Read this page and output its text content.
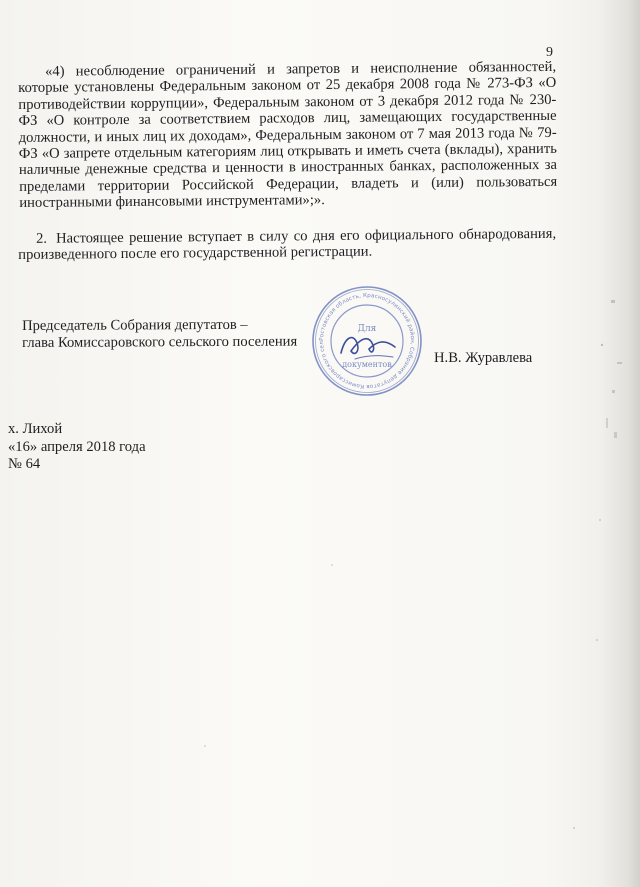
9

«4) несоблюдение ограничений и запретов и неисполнение обязанностей, которые установлены Федеральным законом от 25 декабря 2008 года № 273-ФЗ «О противодействии коррупции», Федеральным законом от 3 декабря 2012 года № 230-ФЗ «О контроле за соответствием расходов лиц, замещающих государственные должности, и иных лиц их доходам», Федеральным законом от 7 мая 2013 года № 79-ФЗ «О запрете отдельным категориям лиц открывать и иметь счета (вклады), хранить наличные денежные средства и ценности в иностранных банках, расположенных за пределами территории Российской Федерации, владеть и (или) пользоваться иностранными финансовыми инструментами»;».

2. Настоящее решение вступает в силу со дня его официального обнародования, произведенного после его государственной регистрации.

Председатель Собрания депутатов –
глава Комиссаровского сельского поселения	Ростовская область, Красносулинский район, Собрание депутатов Комиссаровского сел
Для
документов	Н.В. Журавлева
х. Лихой
«16» апреля 2018 года
№ 64
